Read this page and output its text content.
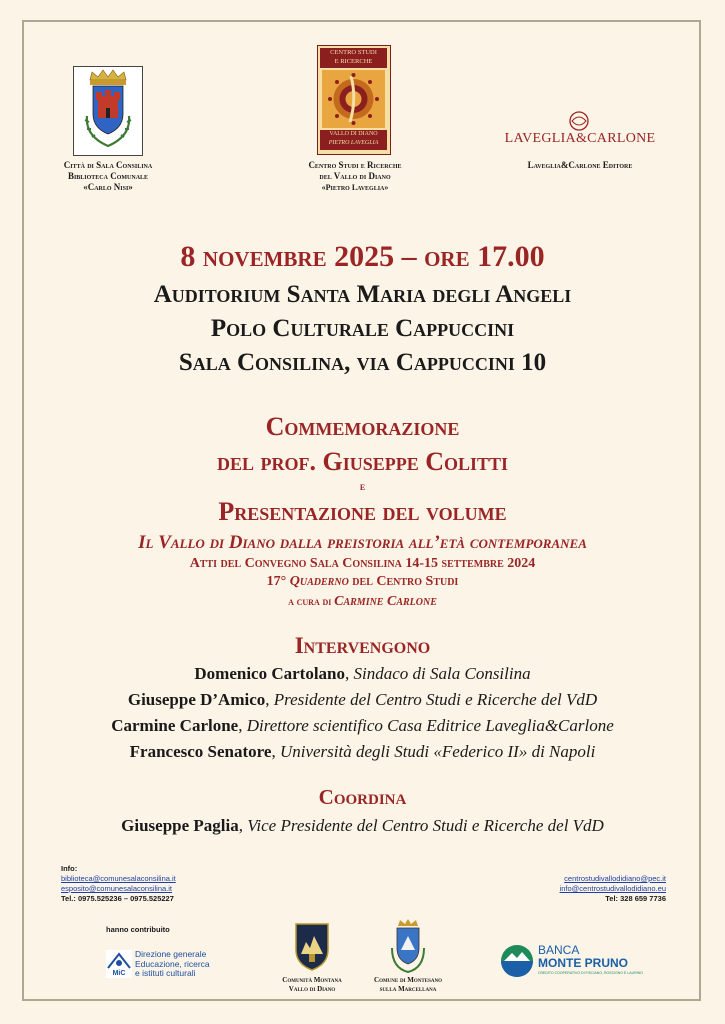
Città di Sala Consilina
Biblioteca Comunale
«Carlo Nisi»
CENTRO STUDI
E RICERCHE
VALLO DI DIANO
PIETRO LAVEGLIA
Centro Studi e Ricerche
del Vallo di Diano
«Pietro Laveglia»
LAVEGLIA&CARLONE
Laveglia&Carlone Editore
8 novembre 2025 – ore 17.00
Auditorium Santa Maria degli Angeli
Polo Culturale Cappuccini
Sala Consilina, via Cappuccini 10
Commemorazione
del prof. Giuseppe Colitti
e
Presentazione del volume
Il Vallo di Diano dalla preistoria all’età contemporanea
Atti del Convegno Sala Consilina 14-15 settembre 2024
17° Quaderno del Centro Studi
a cura di Carmine Carlone
Intervengono
Domenico Cartolano, Sindaco di Sala Consilina
Giuseppe D’Amico, Presidente del Centro Studi e Ricerche del VdD
Carmine Carlone, Direttore scientifico Casa Editrice Laveglia&Carlone
Francesco Senatore, Università degli Studi «Federico II» di Napoli
Coordina
Giuseppe Paglia, Vice Presidente del Centro Studi e Ricerche del VdD
Info:
biblioteca@comunesalaconsilina.it
esposito@comunesalaconsilina.it
Tel.: 0975.525236 – 0975.525227
centrostudivallodidiano@pec.it
info@centrostudivallodidiano.eu
Tel: 328 659 7736
hanno contribuito
MiC
Direzione generale
Educazione, ricerca
e istituti culturali
Comunità Montana
Vallo di Diano
Comune di Montesano
sulla Marcellana
BANCA
MONTE PRUNO
CREDITO COOPERATIVO DI FISCIANO, ROSCIGNO E LAURINO
